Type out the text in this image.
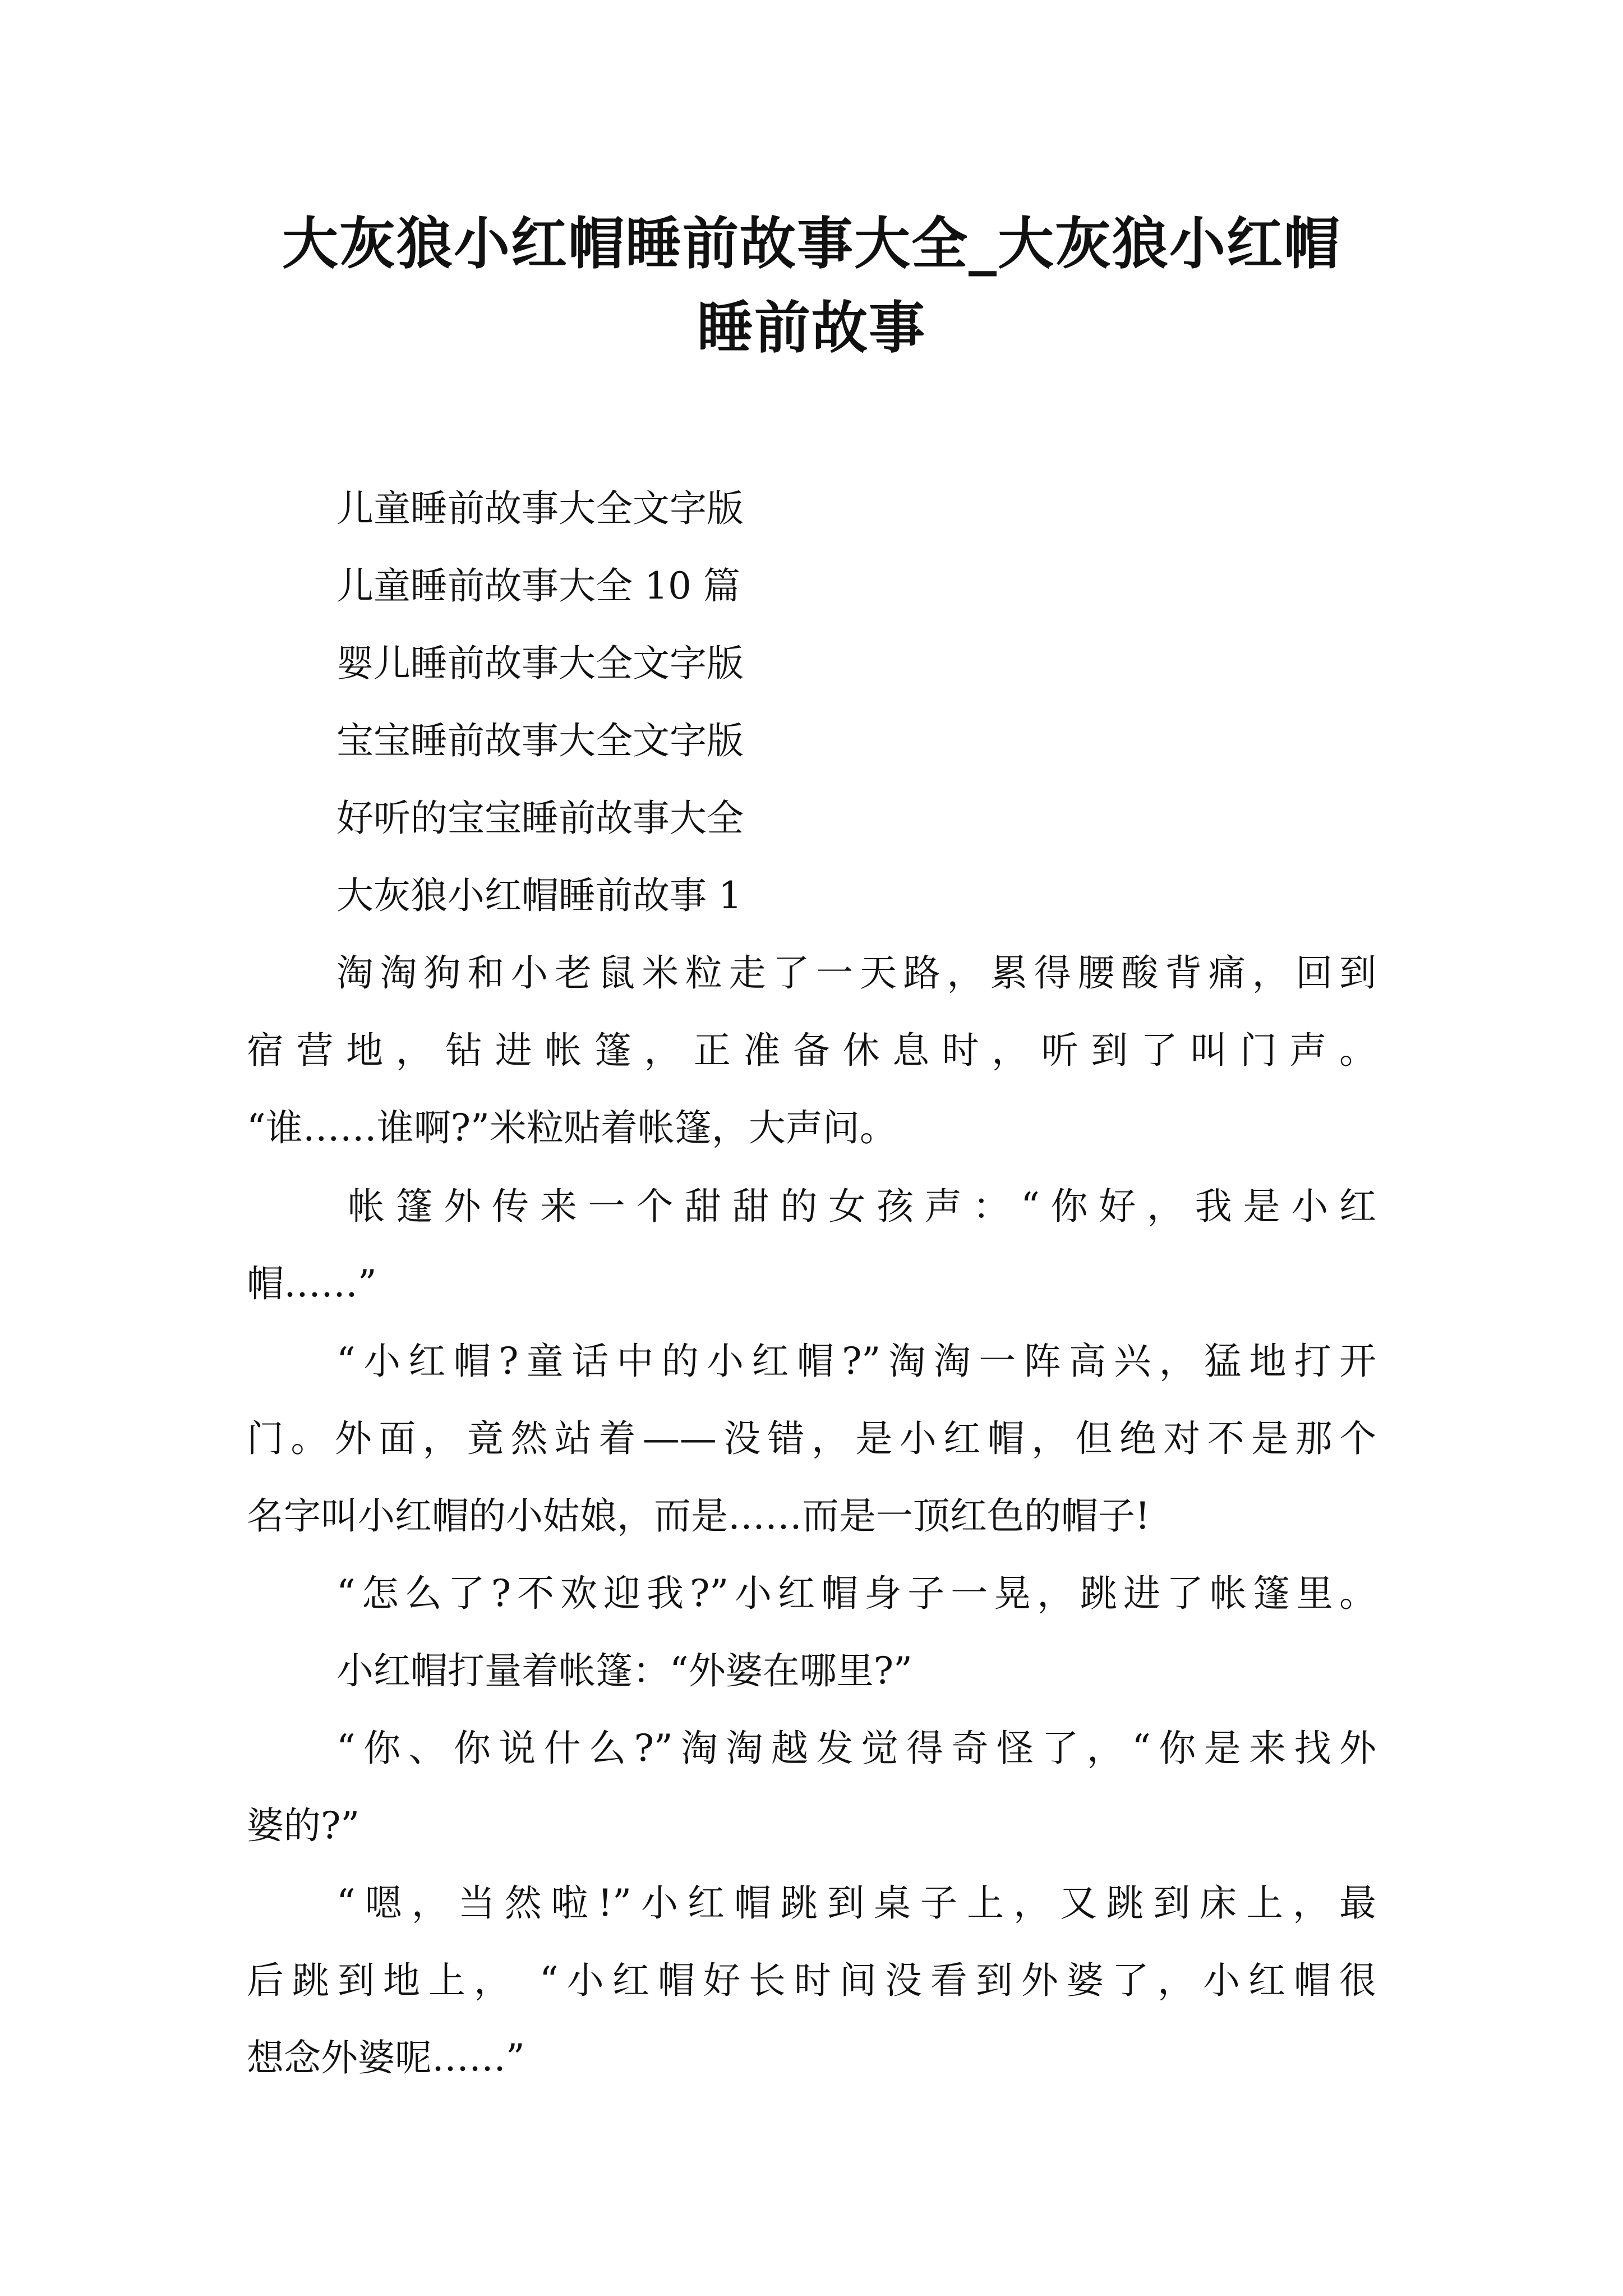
大灰狼小红帽睡前故事大全_大灰狼小红帽
睡前故事
儿童睡前故事大全文字版
儿童睡前故事大全 10 篇
婴儿睡前故事大全文字版
宝宝睡前故事大全文字版
好听的宝宝睡前故事大全
大灰狼小红帽睡前故事 1
淘淘狗和小老鼠米粒走了一天路，累得腰酸背痛，回到
宿营地，钻进帐篷，正准备休息时，听到了叫门声。
“谁……谁啊?”米粒贴着帐篷，大声问。
帐篷外传来一个甜甜的女孩声：“你好，我是小红
帽……”
“小红帽?童话中的小红帽?”淘淘一阵高兴，猛地打开
门。外面，竟然站着——没错，是小红帽，但绝对不是那个
名字叫小红帽的小姑娘，而是……而是一顶红色的帽子!
“怎么了?不欢迎我?”小红帽身子一晃，跳进了帐篷里。
小红帽打量着帐篷：“外婆在哪里?”
“你、你说什么?”淘淘越发觉得奇怪了，“你是来找外
婆的?”
“嗯，当然啦!”小红帽跳到桌子上，又跳到床上，最
后跳到地上， “小红帽好长时间没看到外婆了，小红帽很
想念外婆呢……”
